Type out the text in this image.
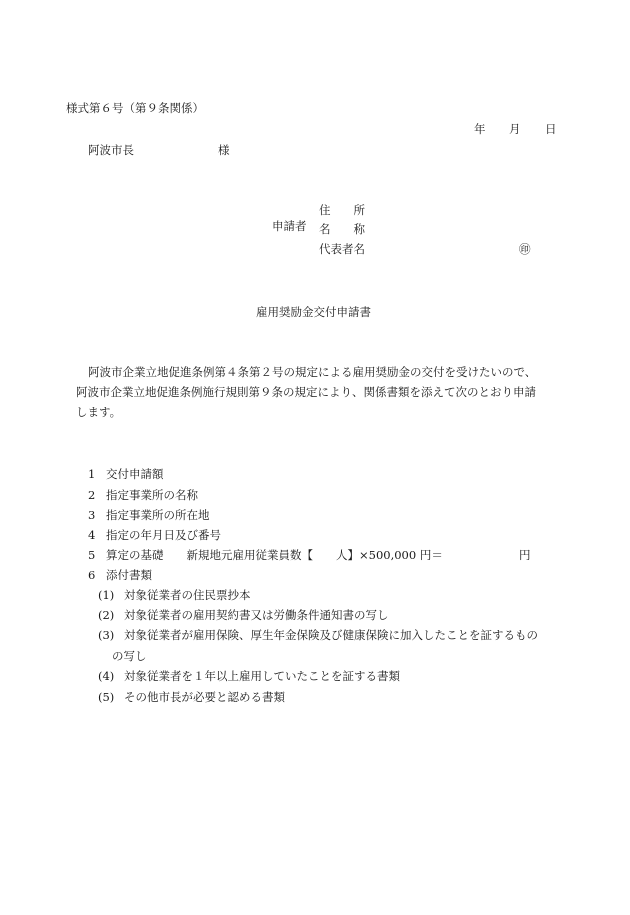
様式第６号（第９条関係）
年 月 日
阿波市長	様
住　　所
申請者 名　　称
代表者名	㊞
雇用奨励金交付申請書
阿波市企業立地促進条例第４条第２号の規定による雇用奨励金の交付を受けたいので、
阿波市企業立地促進条例施行規則第９条の規定により、関係書類を添えて次のとおり申請
します。
1 交付申請額
2 指定事業所の名称
3 指定事業所の所在地
4 指定の年月日及び番号
5 算定の基礎　　新規地元雇用従業員数【　　人】×500,000 円＝	円
6 添付書類
(1) 対象従業者の住民票抄本
(2) 対象従業者の雇用契約書又は労働条件通知書の写し
(3) 対象従業者が雇用保険、厚生年金保険及び健康保険に加入したことを証するもの
の写し
(4) 対象従業者を１年以上雇用していたことを証する書類
(5) その他市長が必要と認める書類
